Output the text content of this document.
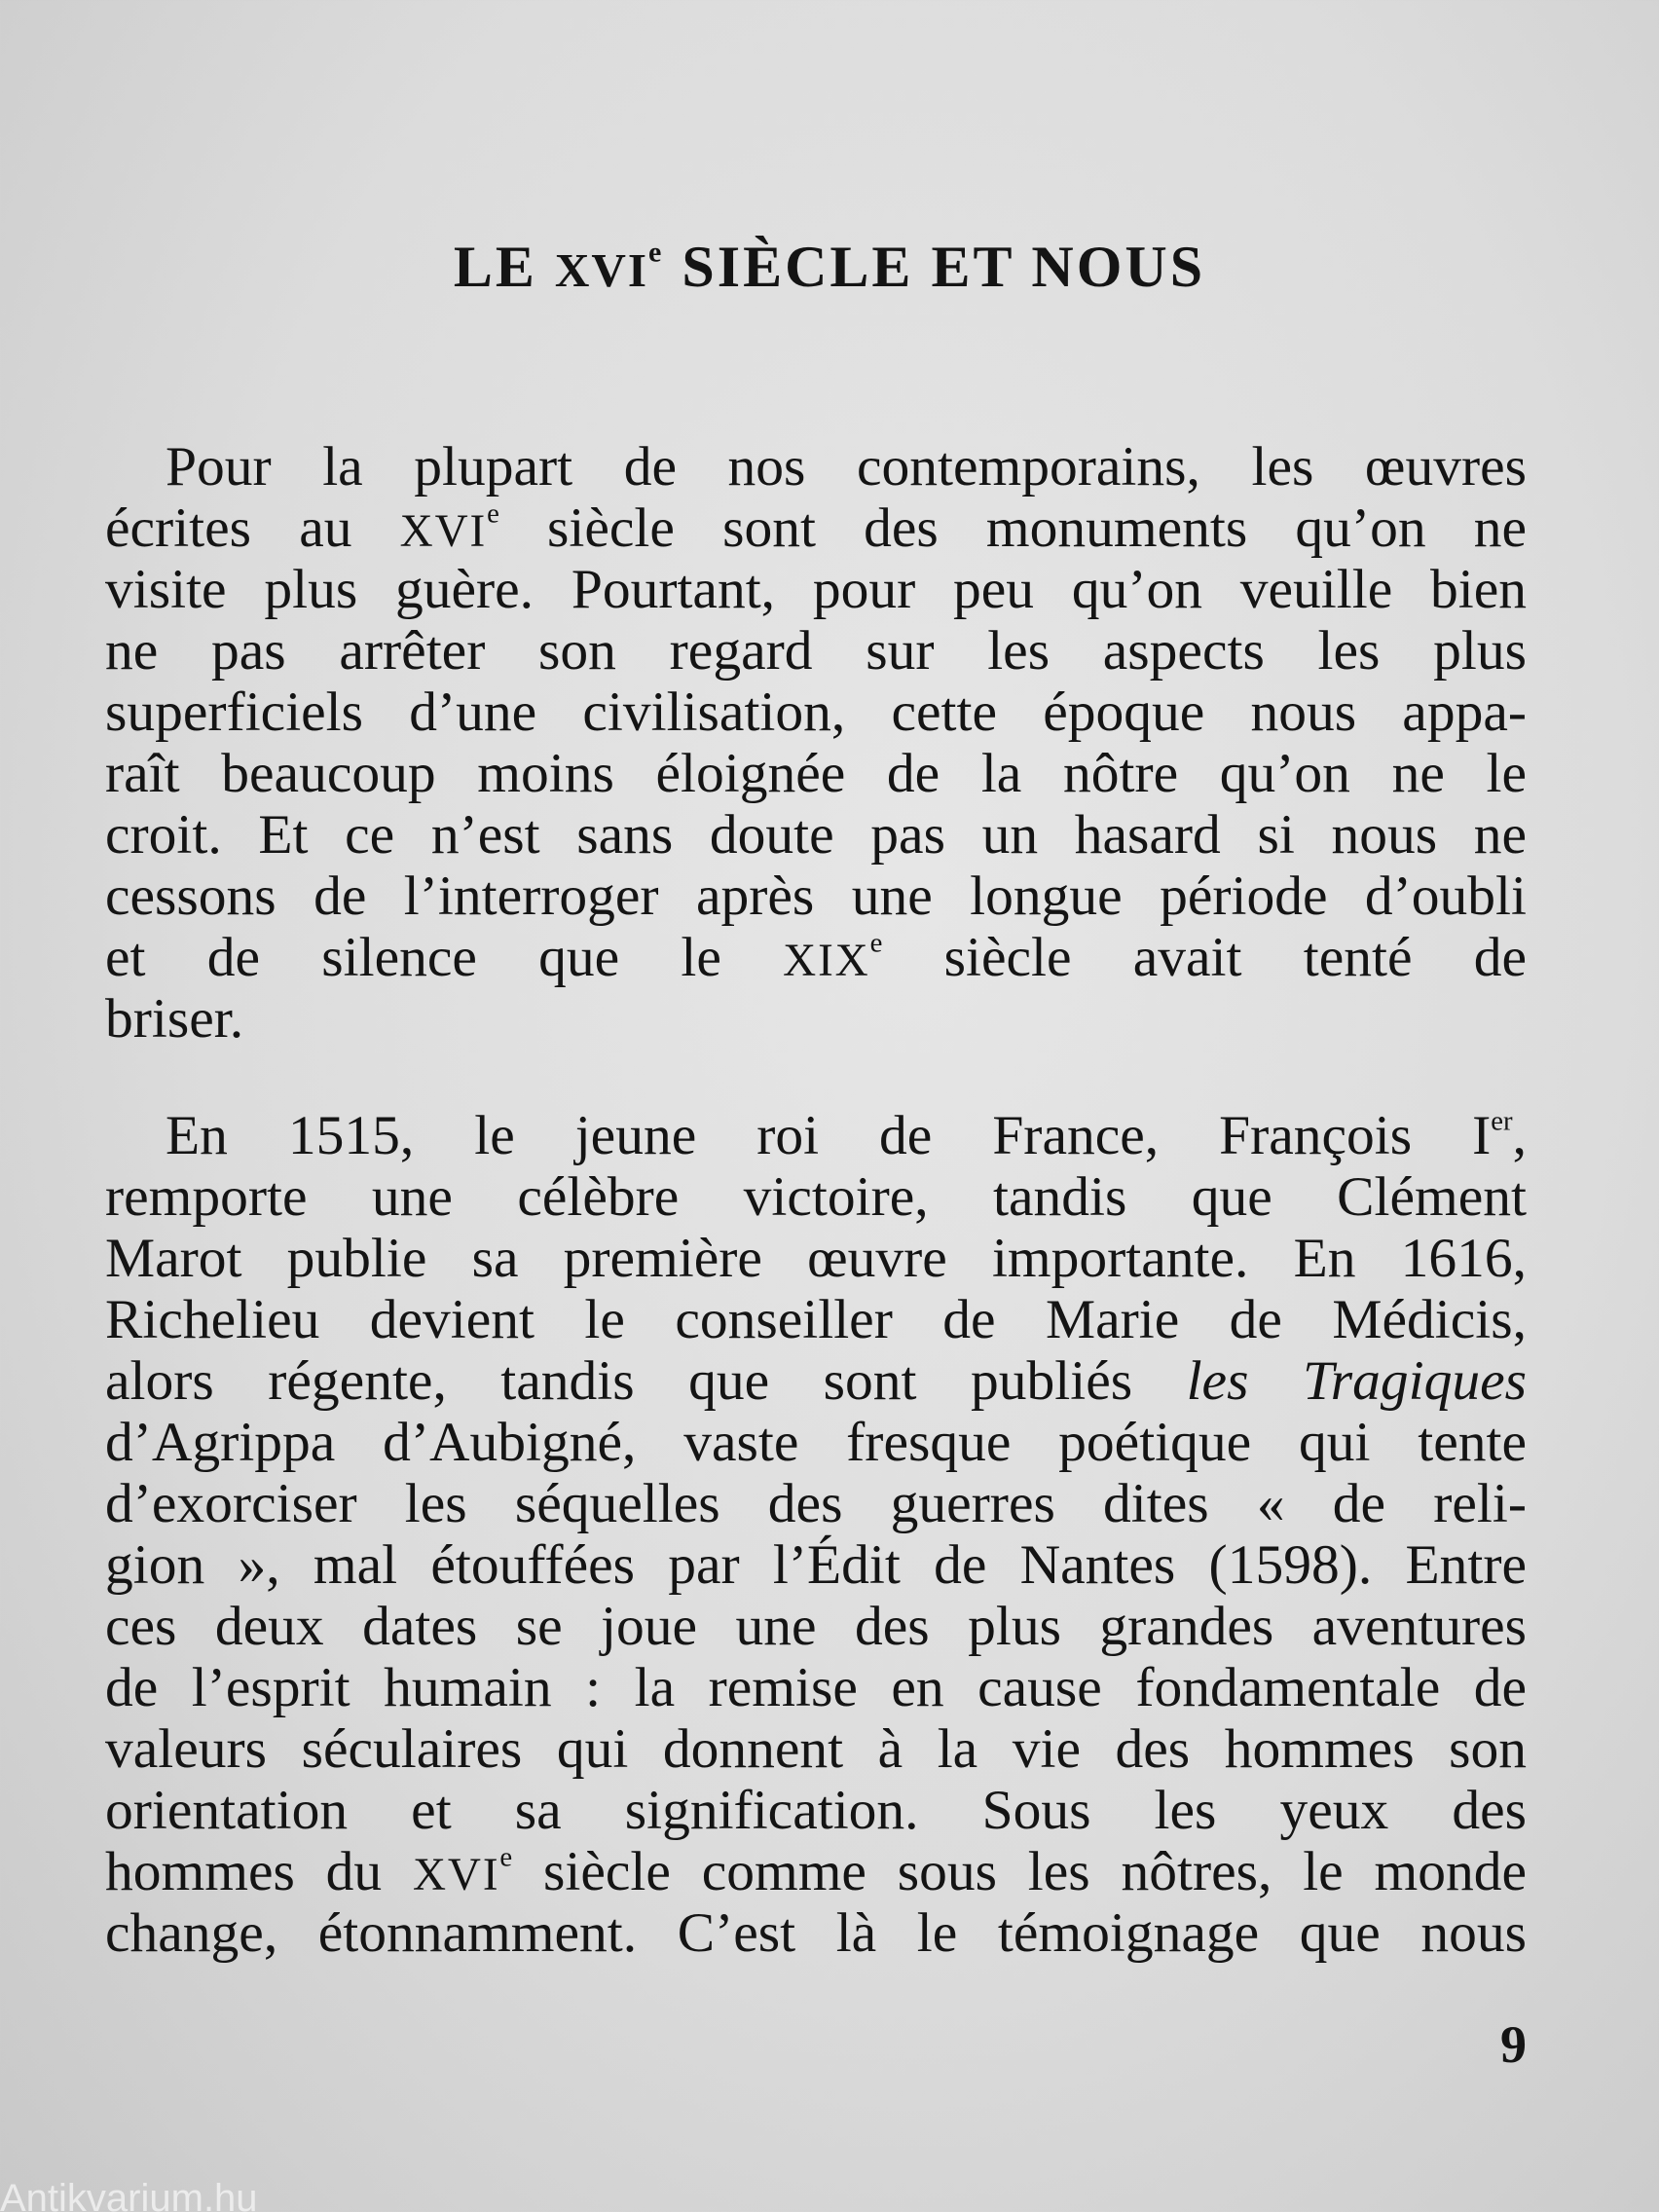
LE XVIe SIÈCLE ET NOUS
Pour la plupart de nos contemporains, les œuvres
écrites au XVIe siècle sont des monuments qu’on ne
visite plus guère. Pourtant, pour peu qu’on veuille bien
ne pas arrêter son regard sur les aspects les plus
superficiels d’une civilisation, cette époque nous appa-
raît beaucoup moins éloignée de la nôtre qu’on ne le
croit. Et ce n’est sans doute pas un hasard si nous ne
cessons de l’interroger après une longue période d’oubli
et de silence que le XIXe siècle avait tenté de
briser.
En 1515, le jeune roi de France, François Ier,
remporte une célèbre victoire, tandis que Clément
Marot publie sa première œuvre importante. En 1616,
Richelieu devient le conseiller de Marie de Médicis,
alors régente, tandis que sont publiés les Tragiques
d’Agrippa d’Aubigné, vaste fresque poétique qui tente
d’exorciser les séquelles des guerres dites « de reli-
gion », mal étouffées par l’Édit de Nantes (1598). Entre
ces deux dates se joue une des plus grandes aventures
de l’esprit humain : la remise en cause fondamentale de
valeurs séculaires qui donnent à la vie des hommes son
orientation et sa signification. Sous les yeux des
hommes du XVIe siècle comme sous les nôtres, le monde
change, étonnamment. C’est là le témoignage que nous
9
Antikvarium.hu
